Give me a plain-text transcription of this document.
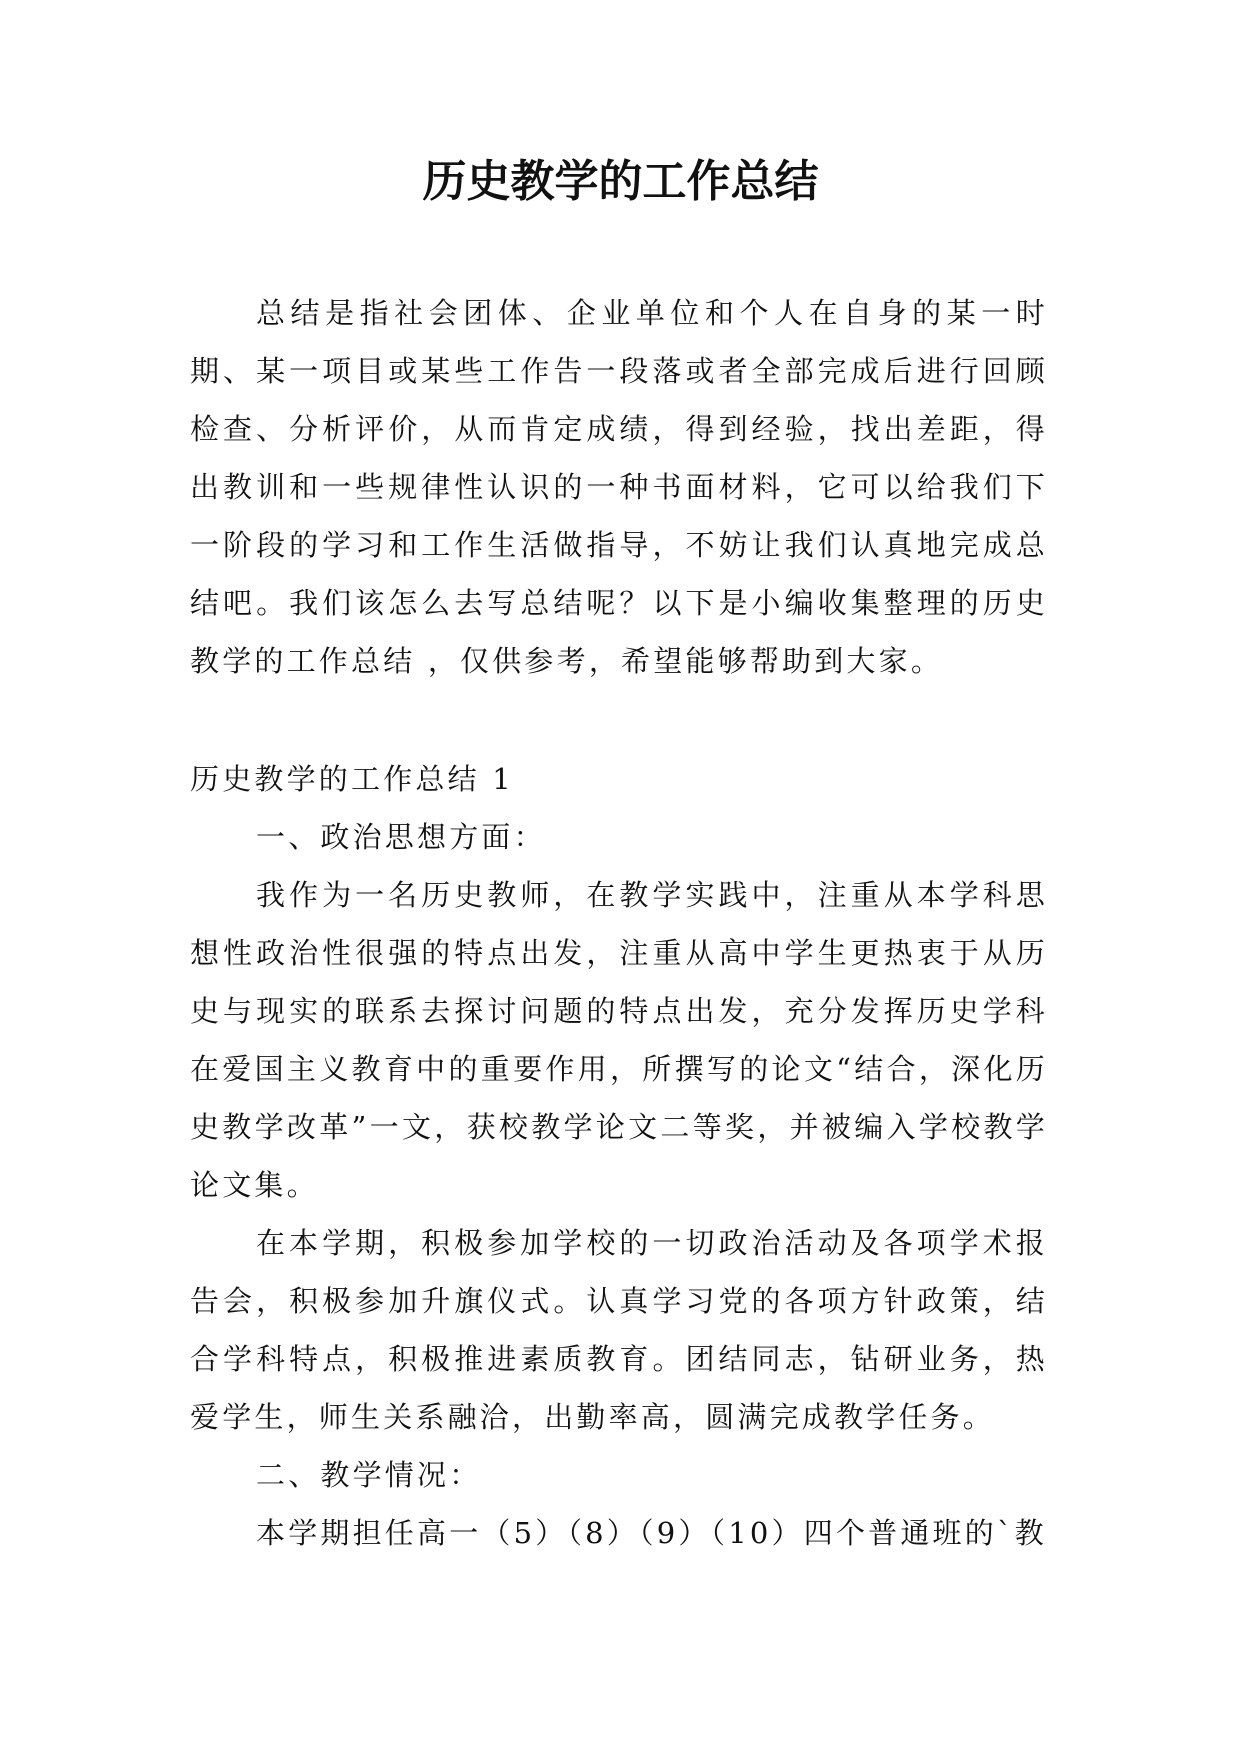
历史教学的工作总结

总结是指社会团体、企业单位和个人在自身的某一时期、某一项目或某些工作告一段落或者全部完成后进行回顾检查、分析评价，从而肯定成绩，得到经验，找出差距，得出教训和一些规律性认识的一种书面材料，它可以给我们下一阶段的学习和工作生活做指导，不妨让我们认真地完成总结吧。我们该怎么去写总结呢？以下是小编收集整理的历史教学的工作总结 ，仅供参考，希望能够帮助到大家。

历史教学的工作总结 1

一、政治思想方面：

我作为一名历史教师，在教学实践中，注重从本学科思想性政治性很强的特点出发，注重从高中学生更热衷于从历史与现实的联系去探讨问题的特点出发，充分发挥历史学科在爱国主义教育中的重要作用，所撰写的论文“结合，深化历史教学改革”一文，获校教学论文二等奖，并被编入学校教学论文集。

在本学期，积极参加学校的一切政治活动及各项学术报告会，积极参加升旗仪式。认真学习党的各项方针政策，结合学科特点，积极推进素质教育。团结同志，钻研业务，热爱学生，师生关系融洽，出勤率高，圆满完成教学任务。

二、教学情况：

本学期担任高一（5）（8）（9）（10）四个普通班的`教
